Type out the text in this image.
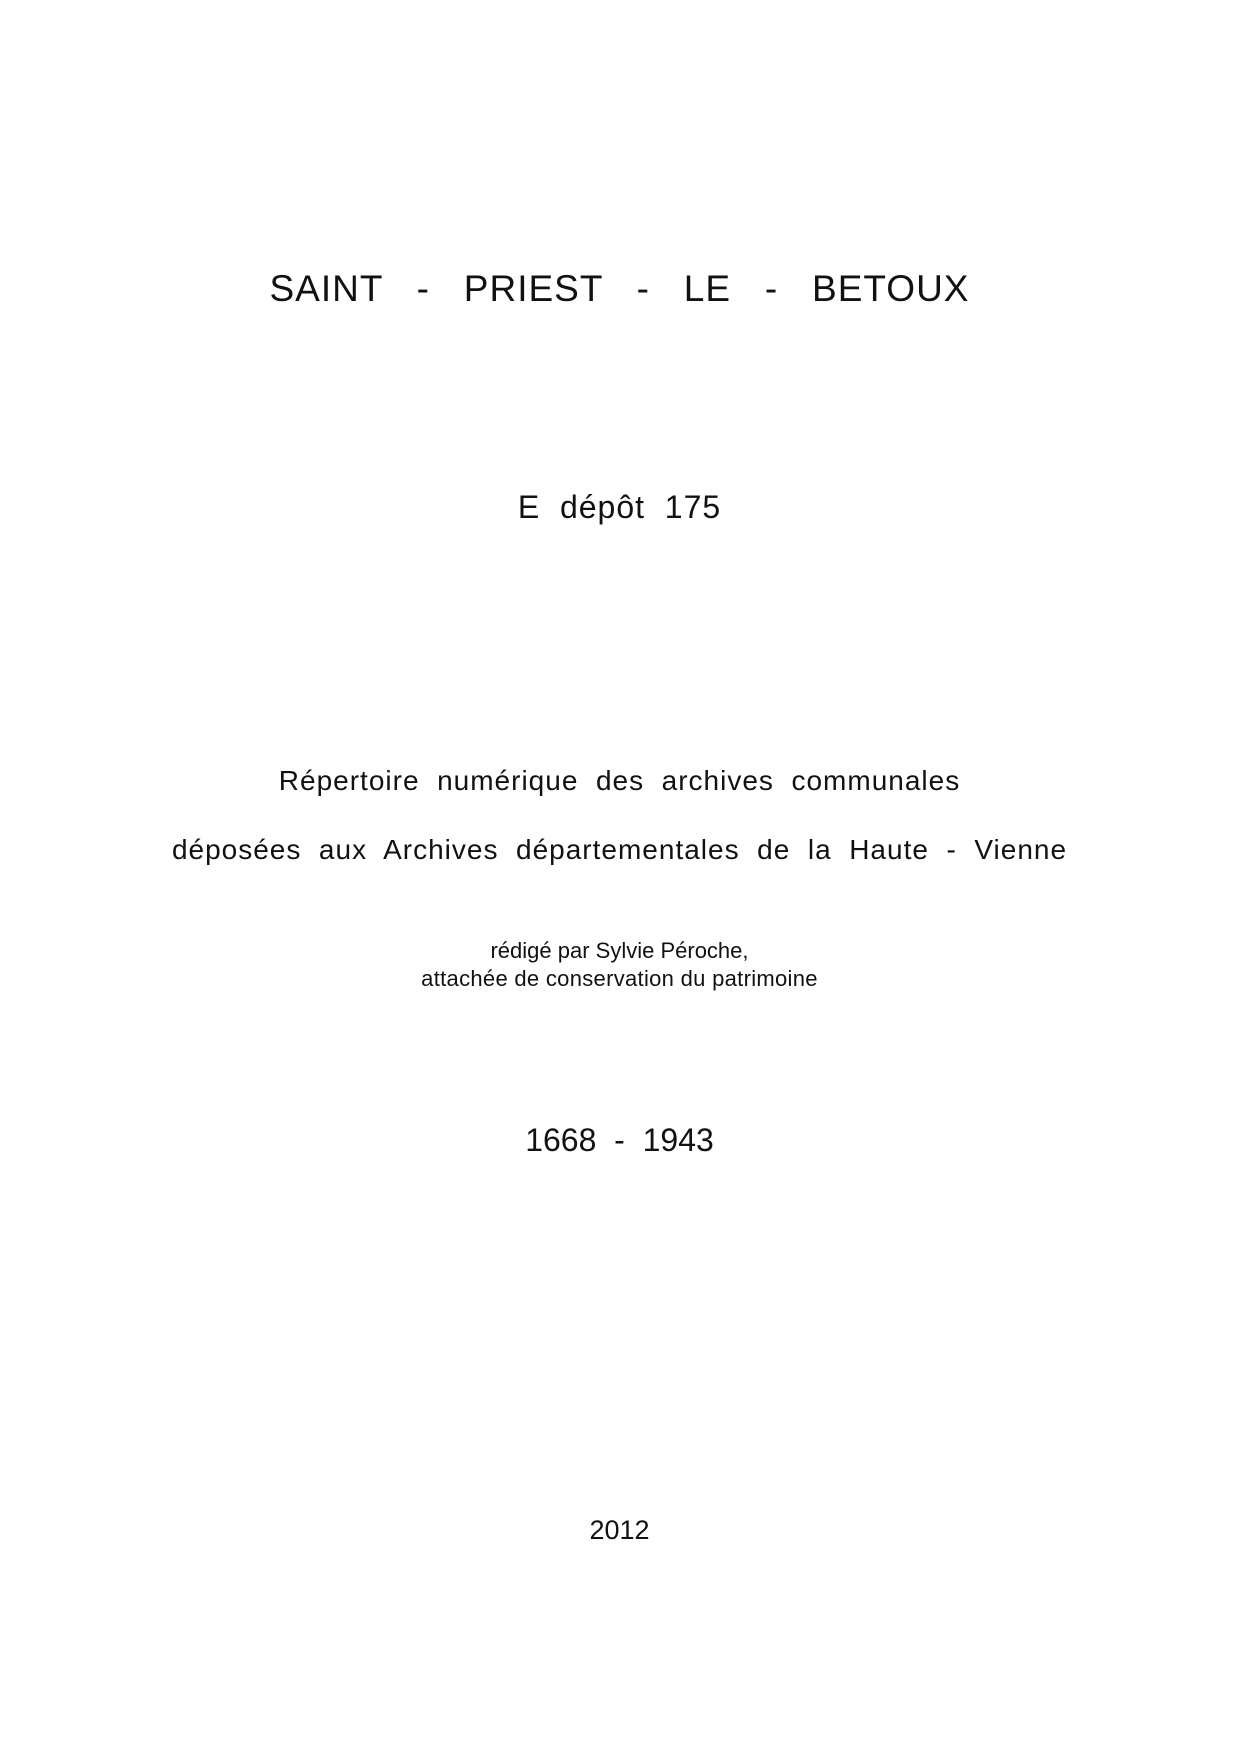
SAINT   -   PRIEST   -   LE   -   BETOUX

E  dépôt  175

Répertoire  numérique  des  archives  communales

déposées  aux  Archives  départementales  de  la  Haute  -  Vienne

rédigé par Sylvie Péroche,

attachée de conservation du patrimoine

1668  -  1943

2012
